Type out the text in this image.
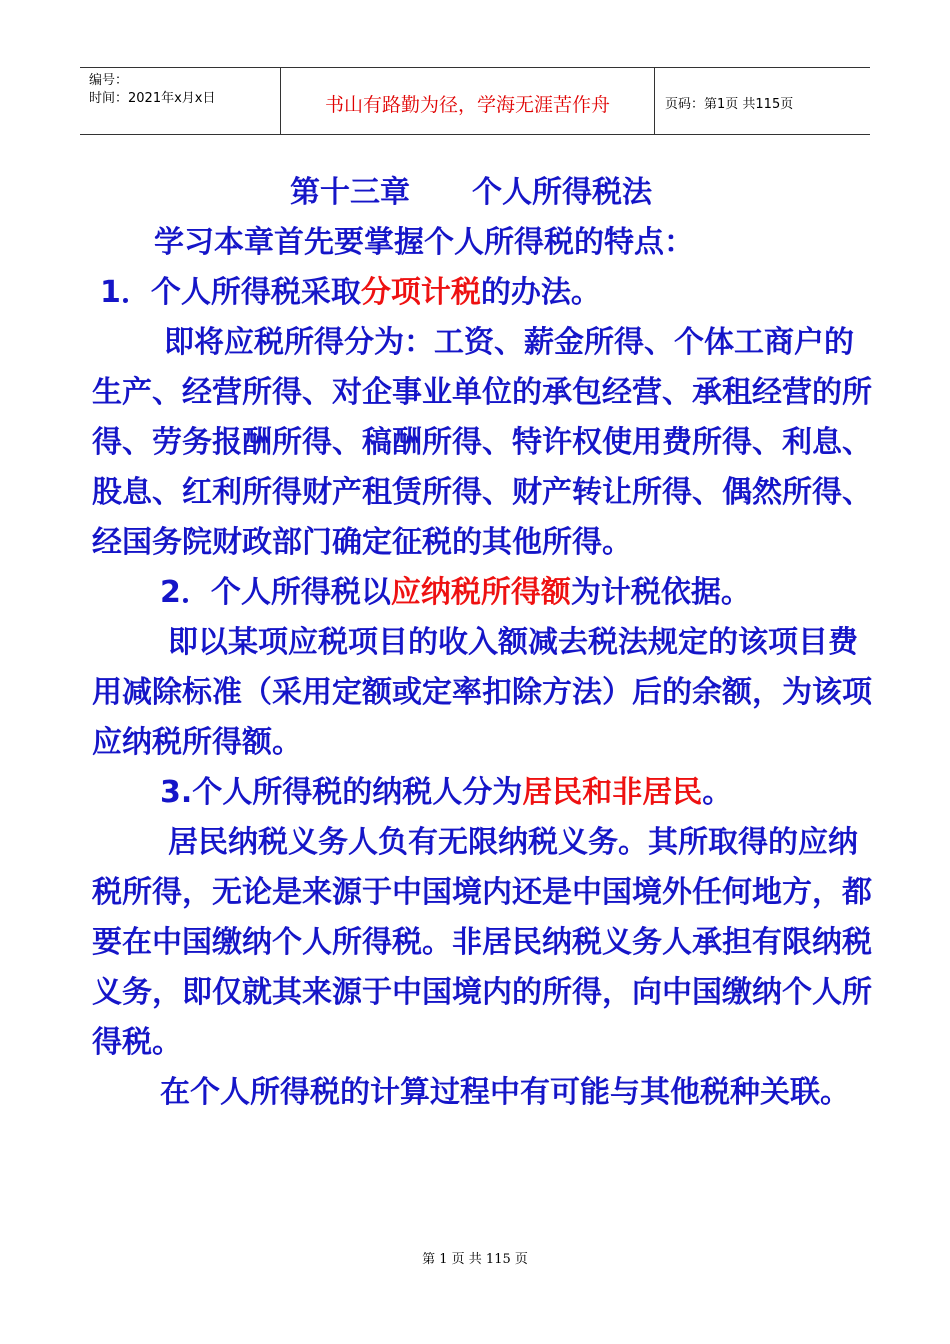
编号：
时间：2021年x月x日	书山有路勤为径，学海无涯苦作舟	页码：第1页 共115页

第十三章 个人所得税法

学习本章首先要掌握个人所得税的特点：

1．个人所得税采取分项计税的办法。

即将应税所得分为：工资、薪金所得、个体工商户的生产、经营所得、对企事业单位的承包经营、承租经营的所得、劳务报酬所得、稿酬所得、特许权使用费所得、利息、股息、红利所得财产租赁所得、财产转让所得、偶然所得、经国务院财政部门确定征税的其他所得。

2．个人所得税以应纳税所得额为计税依据。

即以某项应税项目的收入额减去税法规定的该项目费用减除标准（采用定额或定率扣除方法）后的余额，为该项应纳税所得额。

3.个人所得税的纳税人分为居民和非居民。

居民纳税义务人负有无限纳税义务。其所取得的应纳税所得，无论是来源于中国境内还是中国境外任何地方，都要在中国缴纳个人所得税。非居民纳税义务人承担有限纳税义务，即仅就其来源于中国境内的所得，向中国缴纳个人所得税。

在个人所得税的计算过程中有可能与其他税种关联。

第 1 页 共 115 页
